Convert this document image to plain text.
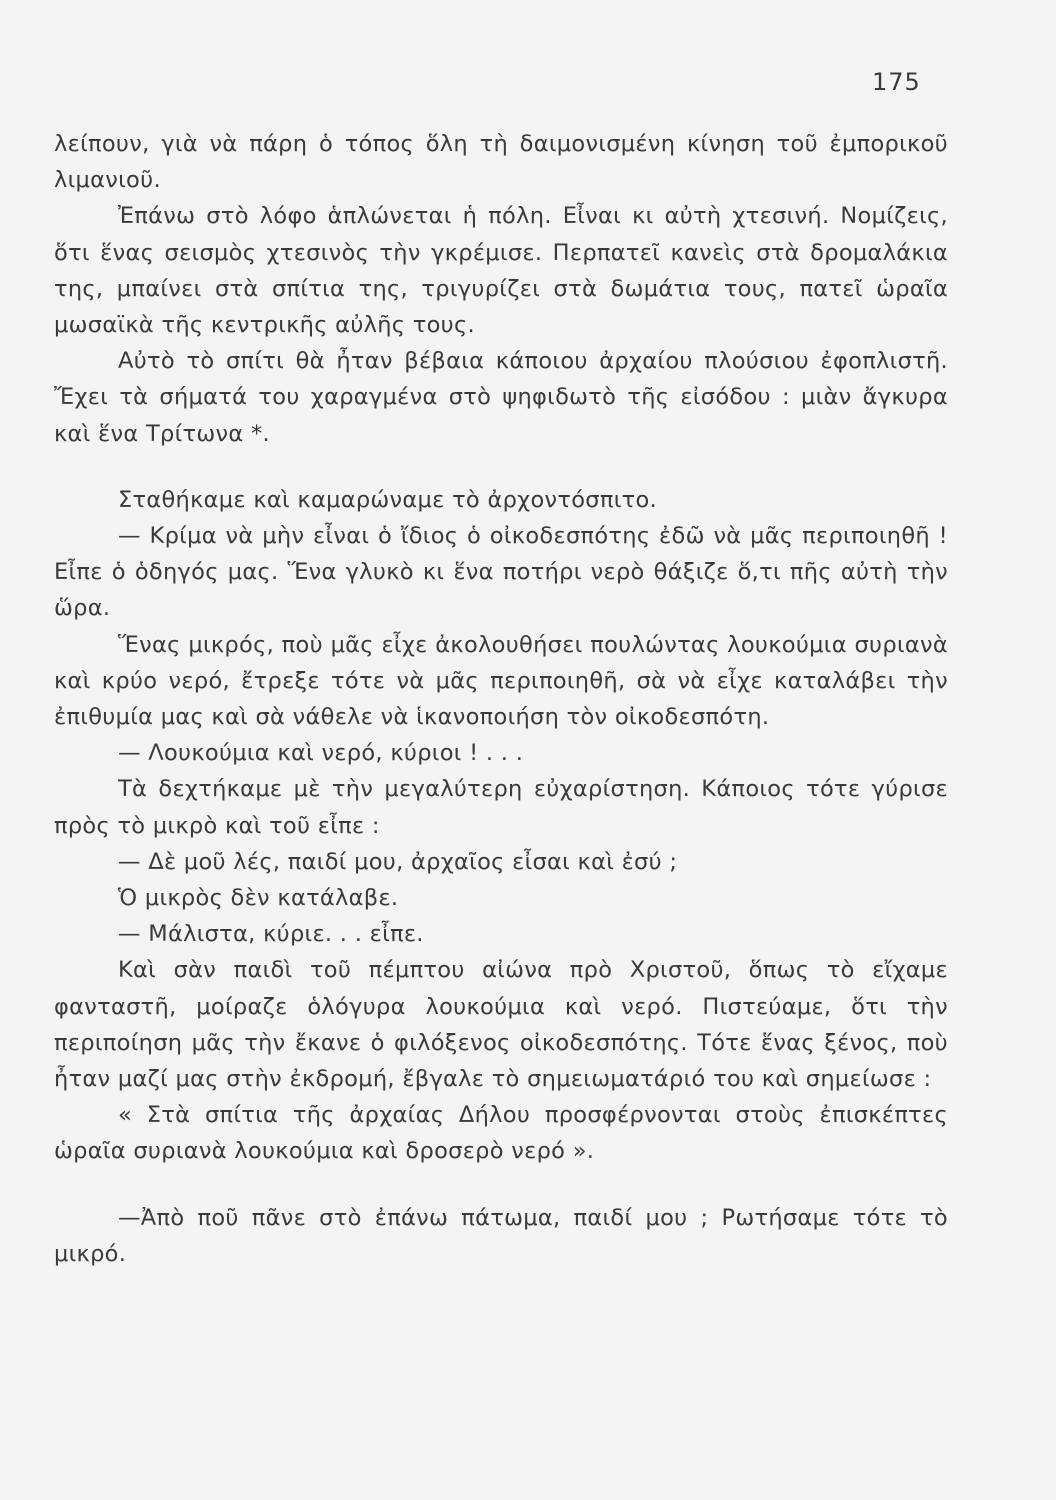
175

λείπουν, γιὰ νὰ πάρη ὁ τόπος ὅλη τὴ δαιμονισμένη κίνηση τοῦ ἐμπορικοῦ λιμανιοῦ.

Ἐπάνω στὸ λόφο ἁπλώνεται ἡ πόλη. Εἶναι κι αὐτὴ χτεσινή. Νομίζεις, ὅτι ἕνας σεισμὸς χτεσινὸς τὴν γκρέμισε. Περπατεῖ κανεὶς στὰ δρομαλάκια της, μπαίνει στὰ σπίτια της, τριγυρίζει στὰ δωμάτια τους, πατεῖ ὡραῖα μωσαϊκὰ τῆς κεντρικῆς αὐλῆς τους.

Αὐτὸ τὸ σπίτι θὰ ἦταν βέβαια κάποιου ἀρχαίου πλούσιου ἐφοπλιστῆ. Ἔχει τὰ σήματά του χαραγμένα στὸ ψηφιδωτὸ τῆς εἰσόδου : μιὰν ἄγκυρα καὶ ἕνα Τρίτωνα *.

Σταθήκαμε καὶ καμαρώναμε τὸ ἀρχοντόσπιτο.

— Κρίμα νὰ μὴν εἶναι ὁ ἴδιος ὁ οἰκοδεσπότης ἐδῶ νὰ μᾶς περιποιηθῆ ! Εἶπε ὁ ὁδηγός μας. Ἕνα γλυκὸ κι ἕνα ποτήρι νερὸ θάξιζε ὅ,τι πῆς αὐτὴ τὴν ὥρα.

Ἕνας μικρός, ποὺ μᾶς εἶχε ἀκολουθήσει πουλώντας λουκούμια συριανὰ καὶ κρύο νερό, ἔτρεξε τότε νὰ μᾶς περιποιηθῆ, σὰ νὰ εἶχε καταλάβει τὴν ἐπιθυμία μας καὶ σὰ νάθελε νὰ ἱκανοποιήση τὸν οἰκοδεσπότη.

— Λουκούμια καὶ νερό, κύριοι ! . . .

Τὰ δεχτήκαμε μὲ τὴν μεγαλύτερη εὐχαρίστηση. Κάποιος τότε γύρισε πρὸς τὸ μικρὸ καὶ τοῦ εἶπε :

— Δὲ μοῦ λές, παιδί μου, ἀρχαῖος εἶσαι καὶ ἐσύ ;

Ὁ μικρὸς δὲν κατάλαβε.

— Μάλιστα, κύριε. . . εἶπε.

Καὶ σὰν παιδὶ τοῦ πέμπτου αἰώνα πρὸ Χριστοῦ, ὅπως τὸ εἴχαμε φανταστῆ, μοίραζε ὁλόγυρα λουκούμια καὶ νερό. Πιστεύαμε, ὅτι τὴν περιποίηση μᾶς τὴν ἔκανε ὁ φιλόξενος οἰκοδεσπότης. Τότε ἕνας ξένος, ποὺ ἦταν μαζί μας στὴν ἐκδρομή, ἔβγαλε τὸ σημειωματάριό του καὶ σημείωσε :

« Στὰ σπίτια τῆς ἀρχαίας Δήλου προσφέρνονται στοὺς ἐπισκέπτες ὡραῖα συριανὰ λουκούμια καὶ δροσερὸ νερό ».

—Ἀπὸ ποῦ πᾶνε στὸ ἐπάνω πάτωμα, παιδί μου ; Ρωτήσαμε τότε τὸ μικρό.
